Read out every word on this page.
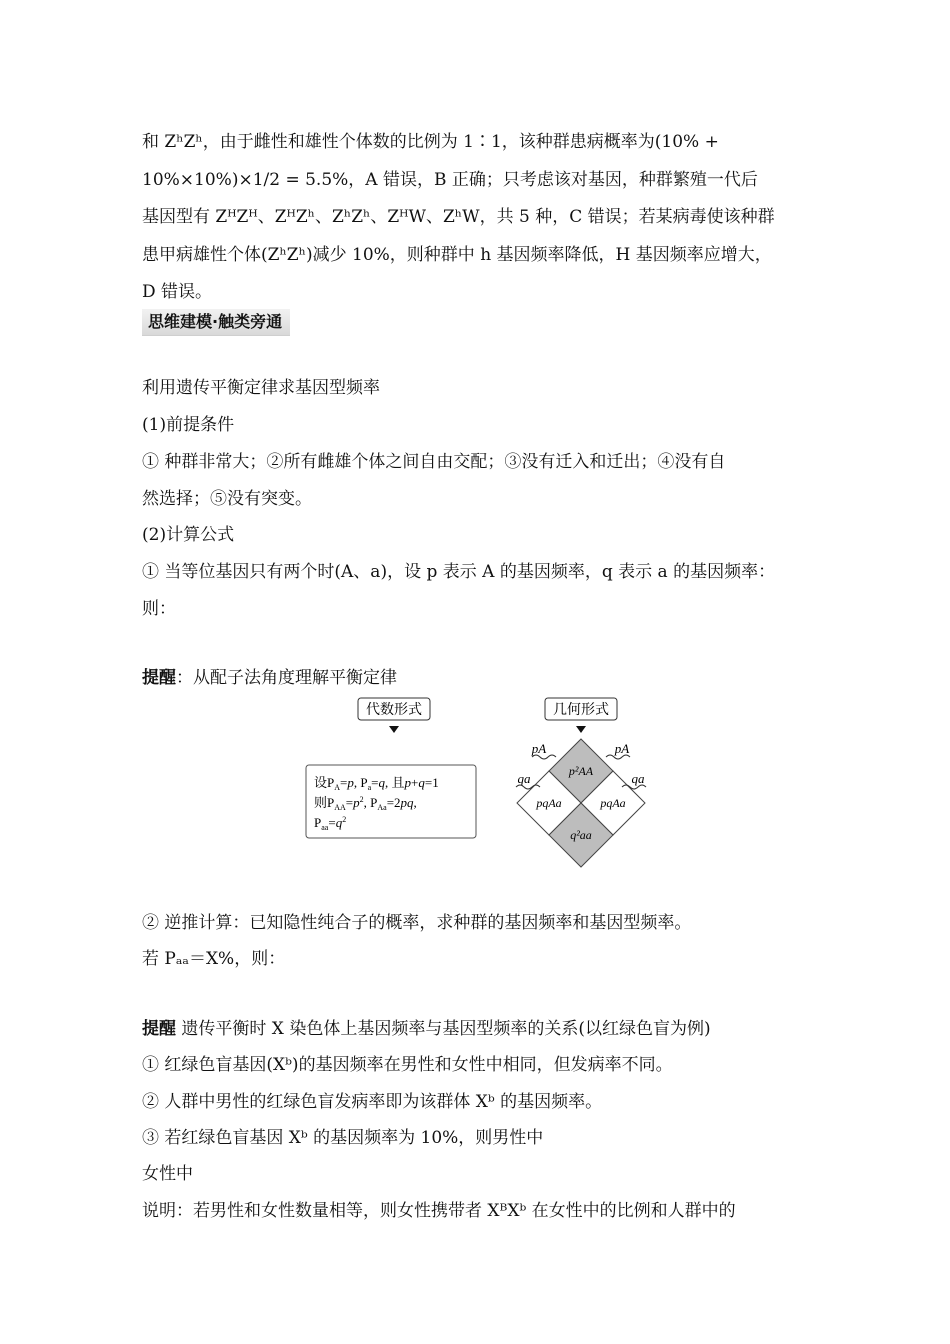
和 ZʰZʰ，由于雌性和雄性个体数的比例为 1∶1，该种群患病概率为(10% +
10%×10%)×1/2 = 5.5%，A 错误，B 正确；只考虑该对基因，种群繁殖一代后
基因型有 ZᴴZᴴ、ZᴴZʰ、ZʰZʰ、ZᴴW、ZʰW，共 5 种，C 错误；若某病毒使该种群
患甲病雄性个体(ZʰZʰ)减少 10%，则种群中 h 基因频率降低，H 基因频率应增大，
D 错误。
思维建模·触类旁通
利用遗传平衡定律求基因型频率
(1)前提条件
① 种群非常大；②所有雌雄个体之间自由交配；③没有迁入和迁出；④没有自
然选择；⑤没有突变。
(2)计算公式
① 当等位基因只有两个时(A、a)，设 p 表示 A 的基因频率，q 表示 a 的基因频率：
则：
提醒：从配子法角度理解平衡定律
代数形式
设$P_A=p$, $P_a=q$, 且p+q=1
则$P_{AA}=p^2$, $P_{Aa}=2pq$,
$P_{aa}=q^2$
几何形式
p²AA
pqAa	pqAa
q²aa
pA	pA
qa	qa
② 逆推计算：已知隐性纯合子的概率，求种群的基因频率和基因型频率。
若 Pₐₐ＝X%，则：
提醒 遗传平衡时 X 染色体上基因频率与基因型频率的关系(以红绿色盲为例)
① 红绿色盲基因(Xᵇ)的基因频率在男性和女性中相同，但发病率不同。
② 人群中男性的红绿色盲发病率即为该群体 Xᵇ 的基因频率。
③ 若红绿色盲基因 Xᵇ 的基因频率为 10%，则男性中
女性中
说明：若男性和女性数量相等，则女性携带者 XᴮXᵇ 在女性中的比例和人群中的
